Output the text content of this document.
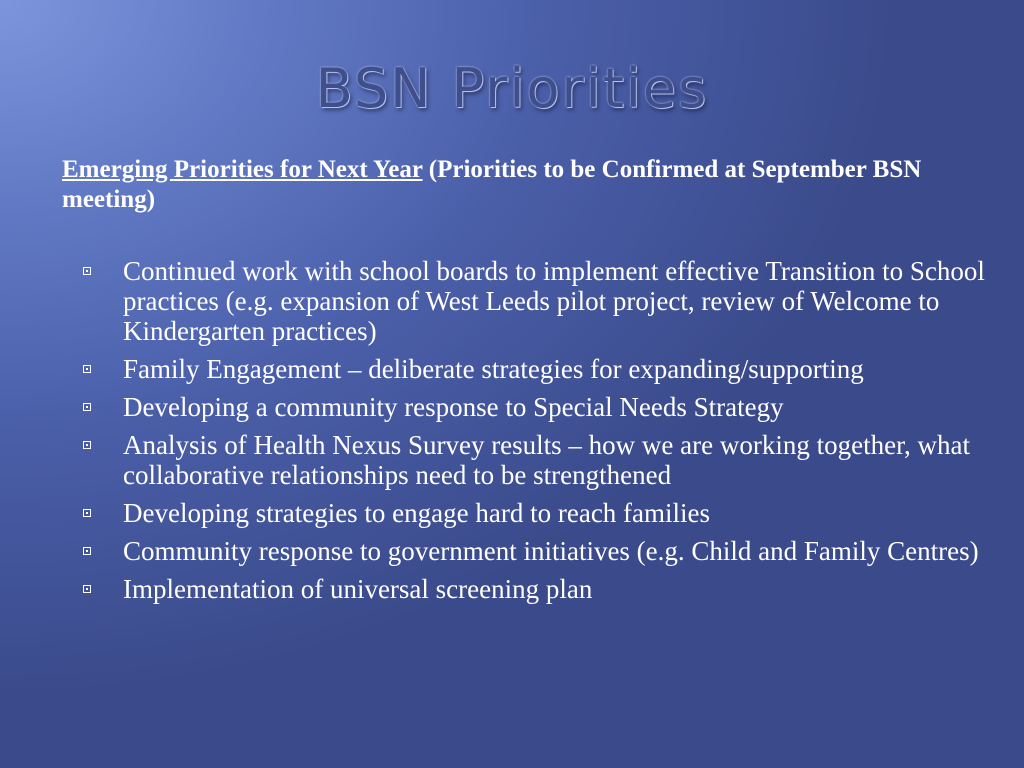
BSN Priorities
Emerging Priorities for Next Year (Priorities to be Confirmed at September BSN meeting)
Continued work with school boards to implement effective Transition to School practices (e.g. expansion of West Leeds pilot project, review of Welcome to Kindergarten practices)
Family Engagement – deliberate strategies for expanding/supporting
Developing a community response to Special Needs Strategy
Analysis of Health Nexus Survey results – how we are working together, what collaborative relationships need to be strengthened
Developing strategies to engage hard to reach families
Community response to government initiatives (e.g. Child and Family Centres)
Implementation of universal screening plan
